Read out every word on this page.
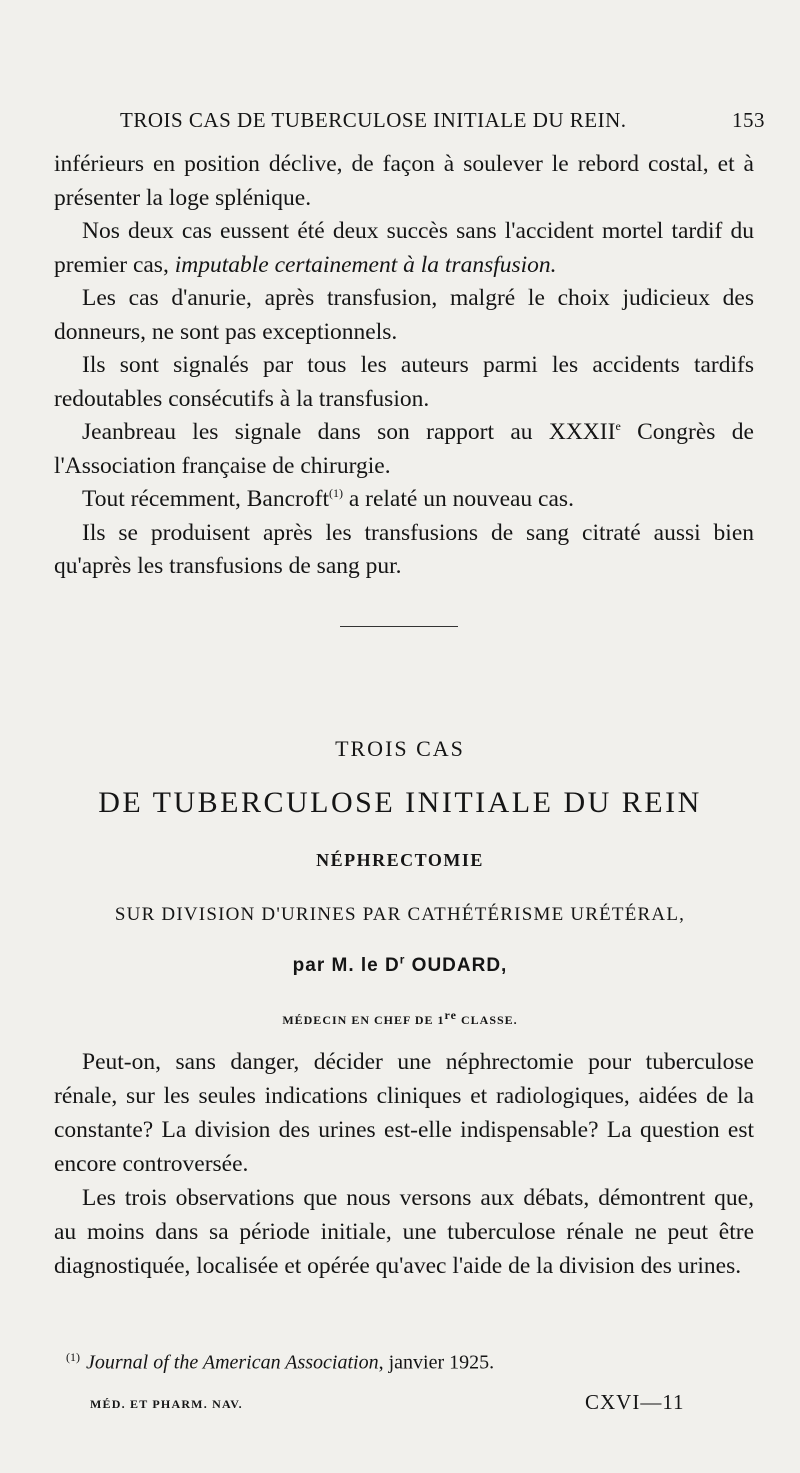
TROIS CAS DE TUBERCULOSE INITIALE DU REIN.	153

inférieurs en position déclive, de façon à soulever le rebord costal, et à présenter la loge splénique.

Nos deux cas eussent été deux succès sans l'accident mortel tardif du premier cas, imputable certainement à la transfusion.

Les cas d'anurie, après transfusion, malgré le choix judicieux des donneurs, ne sont pas exceptionnels.

Ils sont signalés par tous les auteurs parmi les accidents tardifs redoutables consécutifs à la transfusion.

Jeanbreau les signale dans son rapport au XXXIIe Congrès de l'Association française de chirurgie.

Tout récemment, Bancroft$^{(1)}$ a relaté un nouveau cas.

Ils se produisent après les transfusions de sang citraté aussi bien qu'après les transfusions de sang pur.

TROIS CAS
DE TUBERCULOSE INITIALE DU REIN
NÉPHRECTOMIE
SUR DIVISION D'URINES PAR CATHÉTÉRISME URÉTÉRAL,
par M. le $D^r$ OUDARD,
MÉDECIN EN CHEF DE 1re CLASSE.

Peut-on, sans danger, décider une néphrectomie pour tuberculose rénale, sur les seules indications cliniques et radiologiques, aidées de la constante? La division des urines est-elle indispensable? La question est encore controversée.

Les trois observations que nous versons aux débats, démontrent que, au moins dans sa période initiale, une tuberculose rénale ne peut être diagnostiquée, localisée et opérée qu'avec l'aide de la division des urines.

$^{(1)}$ Journal of the American Association, janvier 1925.
MÉD. ET PHARM. NAV.	CXVI—11
